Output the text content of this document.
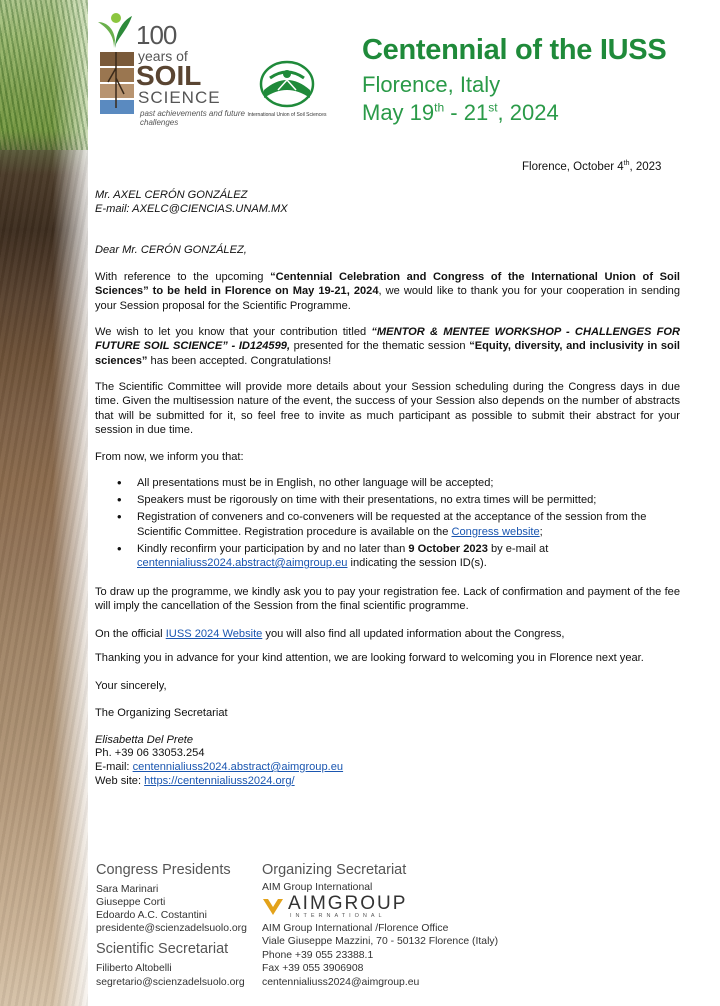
100
years of
SOIL
SCIENCE
past achievements and future challenges
International Union of Soil Sciences
Centennial of the IUSS
Florence, Italy
May 19th - 21st, 2024
Florence, October 4th, 2023
Mr. AXEL CERÓN GONZÁLEZ
E-mail: AXELC@CIENCIAS.UNAM.MX
Dear Mr. CERÓN GONZÁLEZ,
With reference to the upcoming “Centennial Celebration and Congress of the International Union of Soil Sciences” to be held in Florence on May 19-21, 2024, we would like to thank you for your cooperation in sending your Session proposal for the Scientific Programme.
We wish to let you know that your contribution titled “MENTOR & MENTEE WORKSHOP - CHALLENGES FOR FUTURE SOIL SCIENCE” - ID124599, presented for the thematic session “Equity, diversity, and inclusivity in soil sciences” has been accepted. Congratulations!
The Scientific Committee will provide more details about your Session scheduling during the Congress days in due time. Given the multisession nature of the event, the success of your Session also depends on the number of abstracts that will be submitted for it, so feel free to invite as much participant as possible to submit their abstract for your session in due time.
From now, we inform you that:
• All presentations must be in English, no other language will be accepted;
• Speakers must be rigorously on time with their presentations, no extra times will be permitted;
• Registration of conveners and co-conveners will be requested at the acceptance of the session from the Scientific Committee. Registration procedure is available on the Congress website;
• Kindly reconfirm your participation by and no later than 9 October 2023 by e-mail at centennialiuss2024.abstract@aimgroup.eu indicating the session ID(s).
To draw up the programme, we kindly ask you to pay your registration fee. Lack of confirmation and payment of the fee will imply the cancellation of the Session from the final scientific programme.
On the official IUSS 2024 Website you will also find all updated information about the Congress,
Thanking you in advance for your kind attention, we are looking forward to welcoming you in Florence next year.
Your sincerely,
The Organizing Secretariat
Elisabetta Del Prete
Ph. +39 06 33053.254
E-mail: centennialiuss2024.abstract@aimgroup.eu
Web site: https://centennialiuss2024.org/
Congress Presidents
Sara Marinari
Giuseppe Corti
Edoardo A.C. Costantini
presidente@scienzadelsuolo.org
Scientific Secretariat
Filiberto Altobelli
segretario@scienzadelsuolo.org
Organizing Secretariat
AIM Group International
AIMGROUP
INTERNATIONAL
AIM Group International /Florence Office
Viale Giuseppe Mazzini, 70 - 50132 Florence (Italy)
Phone +39 055 23388.1
Fax +39 055 3906908
centennialiuss2024@aimgroup.eu
